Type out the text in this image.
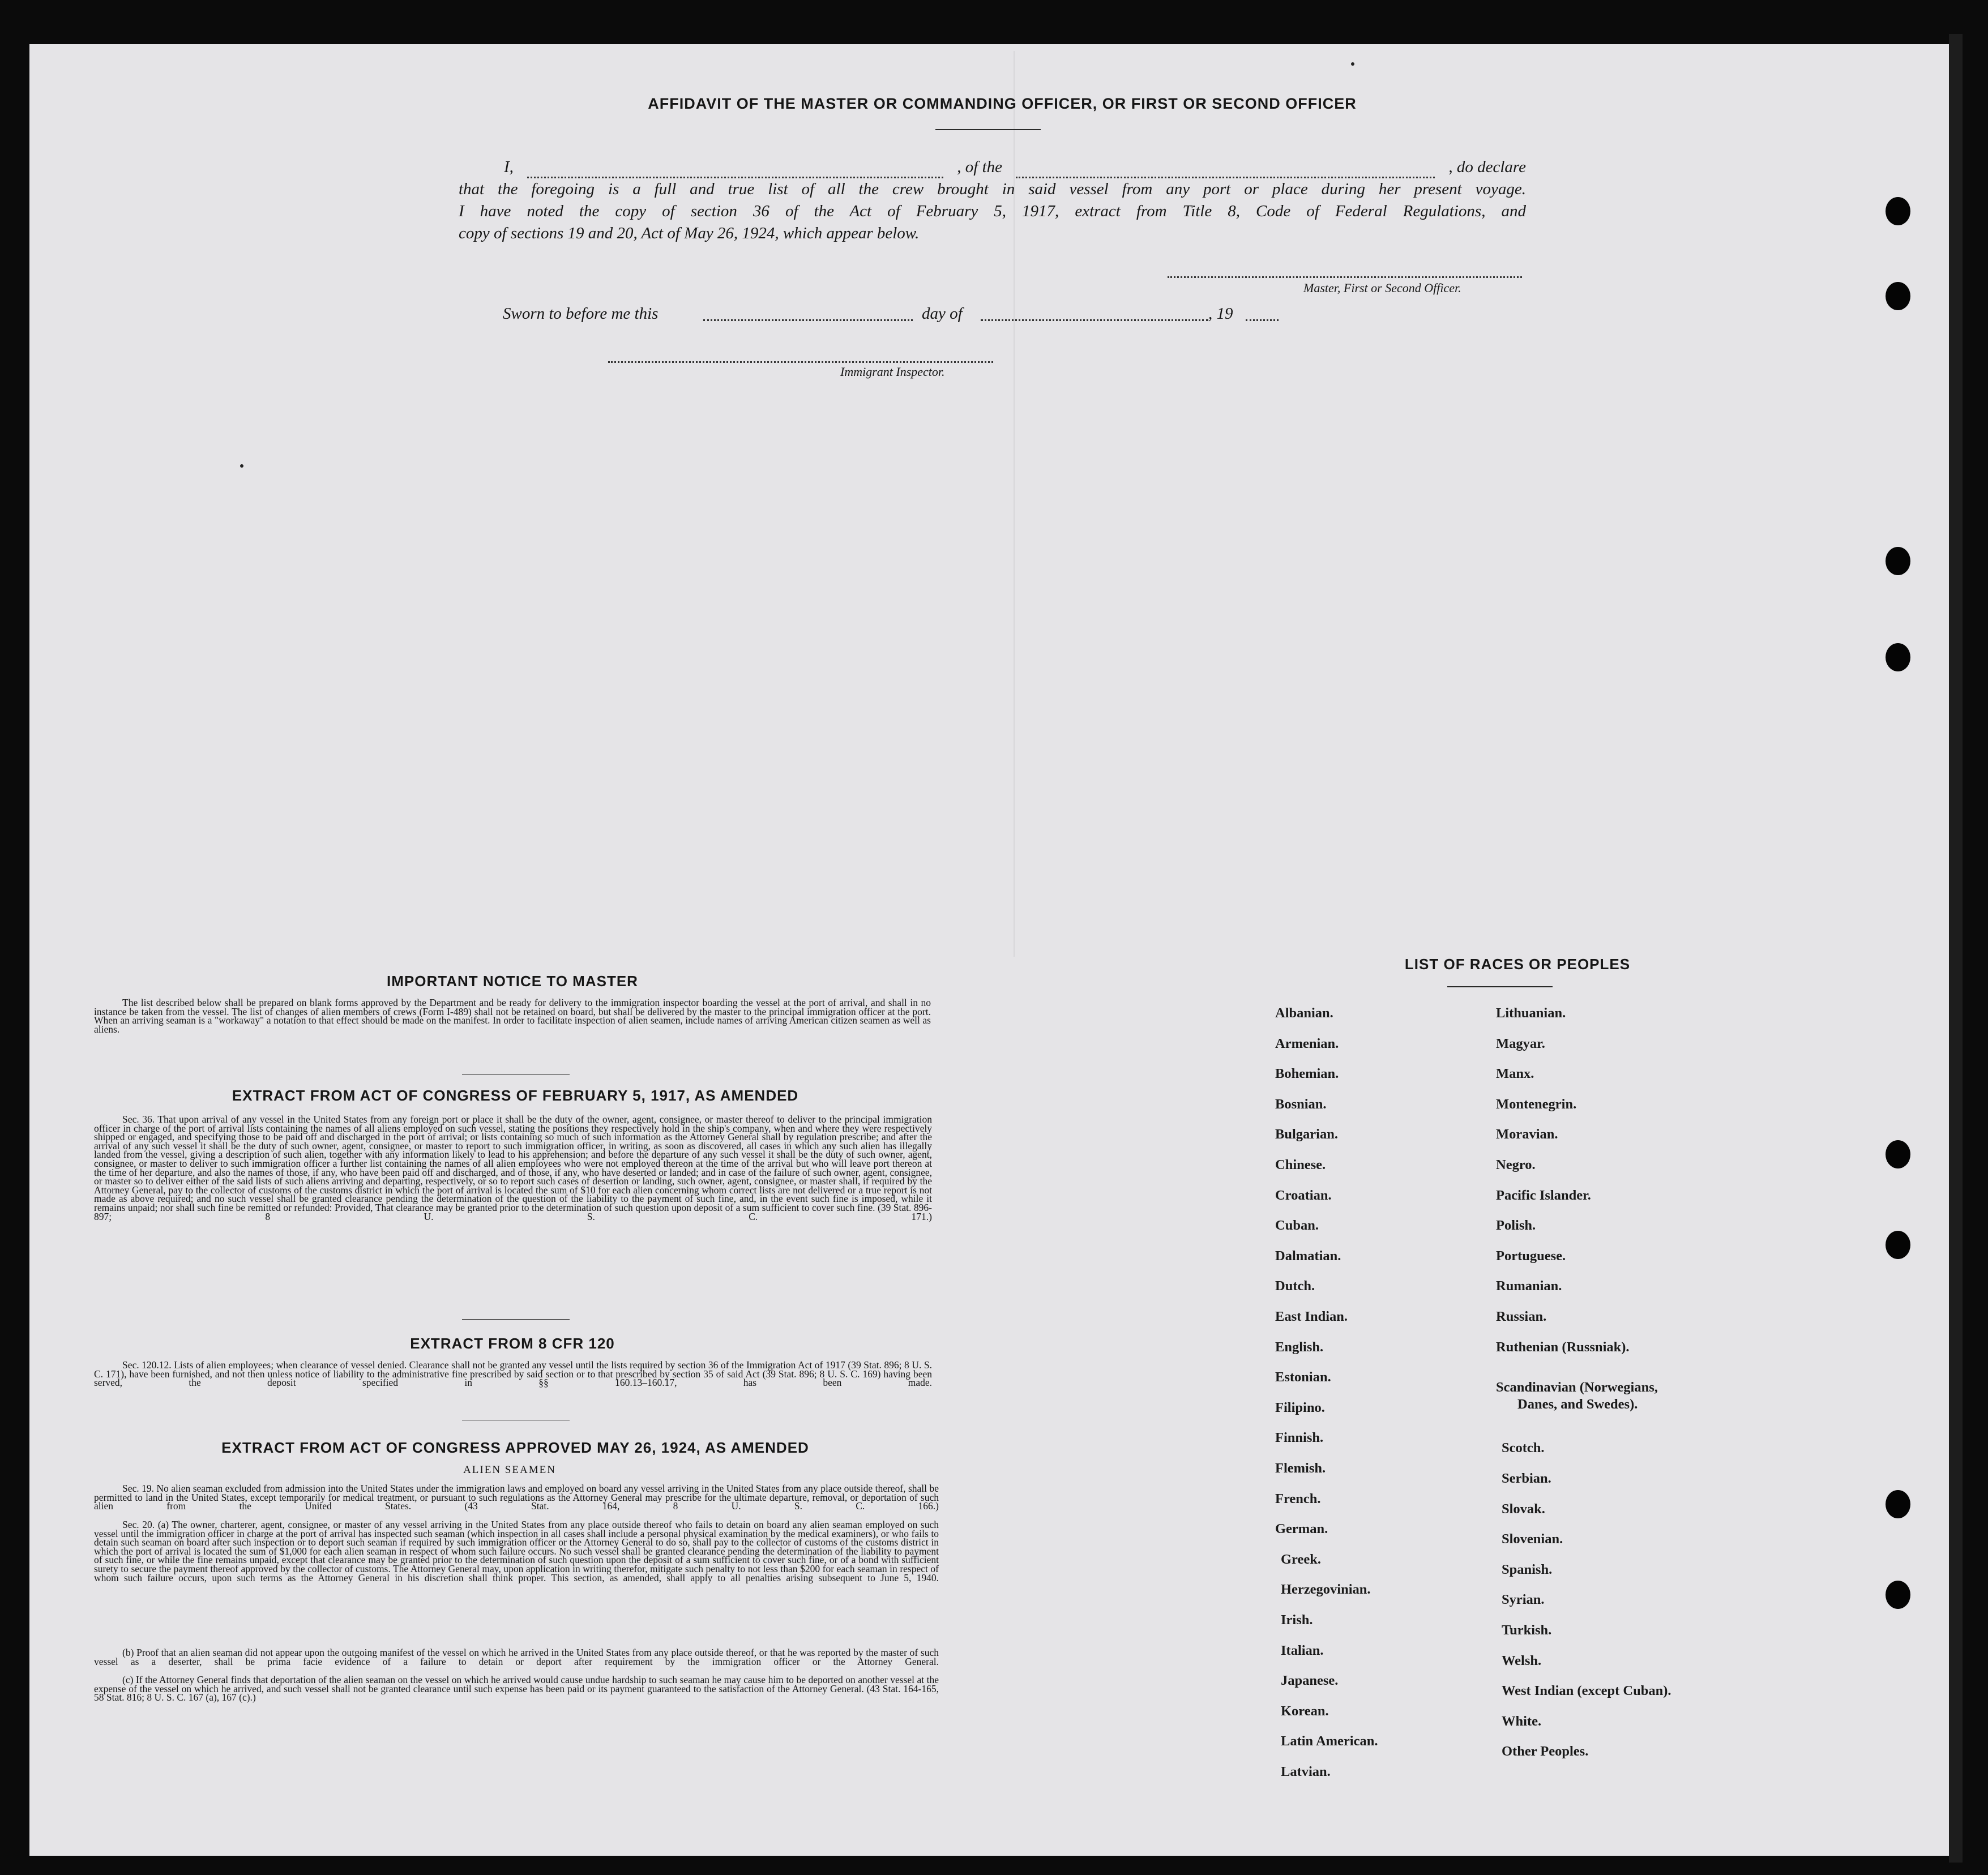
AFFIDAVIT OF THE MASTER OR COMMANDING OFFICER, OR FIRST OR SECOND OFFICER
I,	, of the	, do declare
that the foregoing is a full and true list of all the crew brought in said vessel from any port or place during her present voyage.
I have noted the copy of section 36 of the Act of February 5, 1917, extract from Title 8, Code of Federal Regulations, and
copy of sections 19 and 20, Act of May 26, 1924, which appear below.
Master, First or Second Officer.
Sworn to before me this	day of	, 19
Immigrant Inspector.
IMPORTANT NOTICE TO MASTER
The list described below shall be prepared on blank forms approved by the Department and be ready for delivery to the immigration inspector boarding the vessel at the port of arrival, and shall in no instance be taken from the vessel. The list of changes of alien members of crews (Form I-489) shall not be retained on board, but shall be delivered by the master to the principal immigration officer at the port. When an arriving seaman is a "workaway" a notation to that effect should be made on the manifest. In order to facilitate inspection of alien seamen, include names of arriving American citizen seamen as well as aliens.
EXTRACT FROM ACT OF CONGRESS OF FEBRUARY 5, 1917, AS AMENDED
Sec. 36. That upon arrival of any vessel in the United States from any foreign port or place it shall be the duty of the owner, agent, consignee, or master thereof to deliver to the principal immigration officer in charge of the port of arrival lists containing the names of all aliens employed on such vessel, stating the positions they respectively hold in the ship's company, when and where they were respectively shipped or engaged, and specifying those to be paid off and discharged in the port of arrival; or lists containing so much of such information as the Attorney General shall by regulation prescribe; and after the arrival of any such vessel it shall be the duty of such owner, agent, consignee, or master to report to such immigration officer, in writing, as soon as discovered, all cases in which any such alien has illegally landed from the vessel, giving a description of such alien, together with any information likely to lead to his apprehension; and before the departure of any such vessel it shall be the duty of such owner, agent, consignee, or master to deliver to such immigration officer a further list containing the names of all alien employees who were not employed thereon at the time of the arrival but who will leave port thereon at the time of her departure, and also the names of those, if any, who have been paid off and discharged, and of those, if any, who have deserted or landed; and in case of the failure of such owner, agent, consignee, or master so to deliver either of the said lists of such aliens arriving and departing, respectively, or so to report such cases of desertion or landing, such owner, agent, consignee, or master shall, if required by the Attorney General, pay to the collector of customs of the customs district in which the port of arrival is located the sum of $10 for each alien concerning whom correct lists are not delivered or a true report is not made as above required; and no such vessel shall be granted clearance pending the determination of the question of the liability to the payment of such fine, and, in the event such fine is imposed, while it remains unpaid; nor shall such fine be remitted or refunded: Provided, That clearance may be granted prior to the determination of such question upon deposit of a sum sufficient to cover such fine. (39 Stat. 896-897; 8 U. S. C. 171.)
EXTRACT FROM 8 CFR 120
Sec. 120.12. Lists of alien employees; when clearance of vessel denied. Clearance shall not be granted any vessel until the lists required by section 36 of the Immigration Act of 1917 (39 Stat. 896; 8 U. S. C. 171), have been furnished, and not then unless notice of liability to the administrative fine prescribed by said section or to that prescribed by section 35 of said Act (39 Stat. 896; 8 U. S. C. 169) having been served, the deposit specified in §§ 160.13–160.17, has been made.
EXTRACT FROM ACT OF CONGRESS APPROVED MAY 26, 1924, AS AMENDED
ALIEN SEAMEN
Sec. 19. No alien seaman excluded from admission into the United States under the immigration laws and employed on board any vessel arriving in the United States from any place outside thereof, shall be permitted to land in the United States, except temporarily for medical treatment, or pursuant to such regulations as the Attorney General may prescribe for the ultimate departure, removal, or deportation of such alien from the United States. (43 Stat. 164, 8 U. S. C. 166.)
Sec. 20. (a) The owner, charterer, agent, consignee, or master of any vessel arriving in the United States from any place outside thereof who fails to detain on board any alien seaman employed on such vessel until the immigration officer in charge at the port of arrival has inspected such seaman (which inspection in all cases shall include a personal physical examination by the medical examiners), or who fails to detain such seaman on board after such inspection or to deport such seaman if required by such immigration officer or the Attorney General to do so, shall pay to the collector of customs of the customs district in which the port of arrival is located the sum of $1,000 for each alien seaman in respect of whom such failure occurs. No such vessel shall be granted clearance pending the determination of the liability to payment of such fine, or while the fine remains unpaid, except that clearance may be granted prior to the determination of such question upon the deposit of a sum sufficient to cover such fine, or of a bond with sufficient surety to secure the payment thereof approved by the collector of customs. The Attorney General may, upon application in writing therefor, mitigate such penalty to not less than $200 for each seaman in respect of whom such failure occurs, upon such terms as the Attorney General in his discretion shall think proper. This section, as amended, shall apply to all penalties arising subsequent to June 5, 1940.
(b) Proof that an alien seaman did not appear upon the outgoing manifest of the vessel on which he arrived in the United States from any place outside thereof, or that he was reported by the master of such vessel as a deserter, shall be prima facie evidence of a failure to detain or deport after requirement by the immigration officer or the Attorney General.
(c) If the Attorney General finds that deportation of the alien seaman on the vessel on which he arrived would cause undue hardship to such seaman he may cause him to be deported on another vessel at the expense of the vessel on which he arrived, and such vessel shall not be granted clearance until such expense has been paid or its payment guaranteed to the satisfaction of the Attorney General. (43 Stat. 164-165, 58 Stat. 816; 8 U. S. C. 167 (a), 167 (c).)
LIST OF RACES OR PEOPLES
Albanian.
Armenian.
Bohemian.
Bosnian.
Bulgarian.
Chinese.
Croatian.
Cuban.
Dalmatian.
Dutch.
East Indian.
English.
Estonian.
Filipino.
Finnish.
Flemish.
French.
German.
Greek.
Herzegovinian.
Irish.
Italian.
Japanese.
Korean.
Latin American.
Latvian.
Lithuanian.
Magyar.
Manx.
Montenegrin.
Moravian.
Negro.
Pacific Islander.
Polish.
Portuguese.
Rumanian.
Russian.
Ruthenian (Russniak).
Scandinavian (Norwegians,
Danes, and Swedes).
Scotch.
Serbian.
Slovak.
Slovenian.
Spanish.
Syrian.
Turkish.
Welsh.
West Indian (except Cuban).
White.
Other Peoples.
